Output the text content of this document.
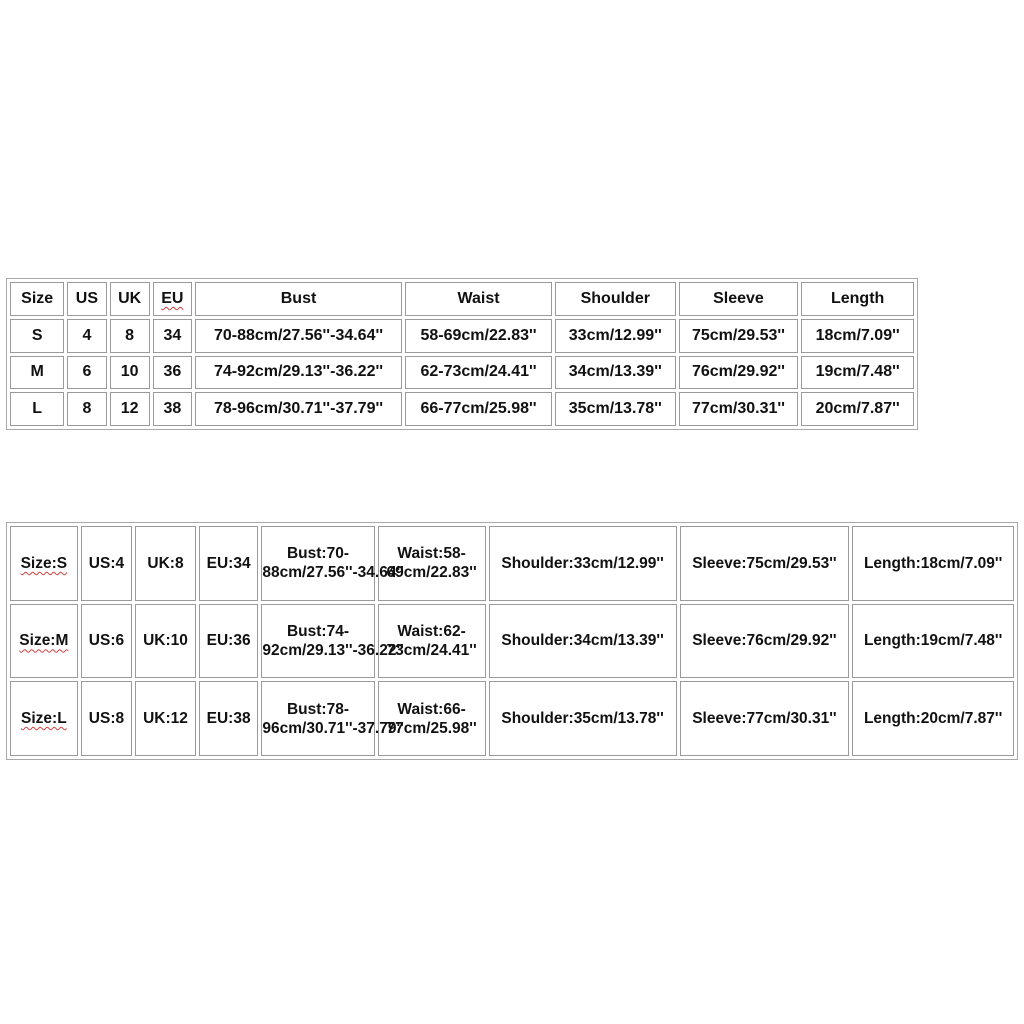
Size	US	UK	EU	Bust	Waist	Shoulder	Sleeve	Length
S	4	8	34	70-88cm/27.56''-34.64''	58-69cm/22.83''	33cm/12.99''	75cm/29.53''	18cm/7.09''
M	6	10	36	74-92cm/29.13''-36.22''	62-73cm/24.41''	34cm/13.39''	76cm/29.92''	19cm/7.48''
L	8	12	38	78-96cm/30.71''-37.79''	66-77cm/25.98''	35cm/13.78''	77cm/30.31''	20cm/7.87''
Size:S	US:4	UK:8	EU:34	Bust:70-88cm/27.56''-34.64''	Waist:58-69cm/22.83''	Shoulder:33cm/12.99''	Sleeve:75cm/29.53''	Length:18cm/7.09''
Size:M	US:6	UK:10	EU:36	Bust:74-92cm/29.13''-36.22''	Waist:62-73cm/24.41''	Shoulder:34cm/13.39''	Sleeve:76cm/29.92''	Length:19cm/7.48''
Size:L	US:8	UK:12	EU:38	Bust:78-96cm/30.71''-37.79''	Waist:66-77cm/25.98''	Shoulder:35cm/13.78''	Sleeve:77cm/30.31''	Length:20cm/7.87''
